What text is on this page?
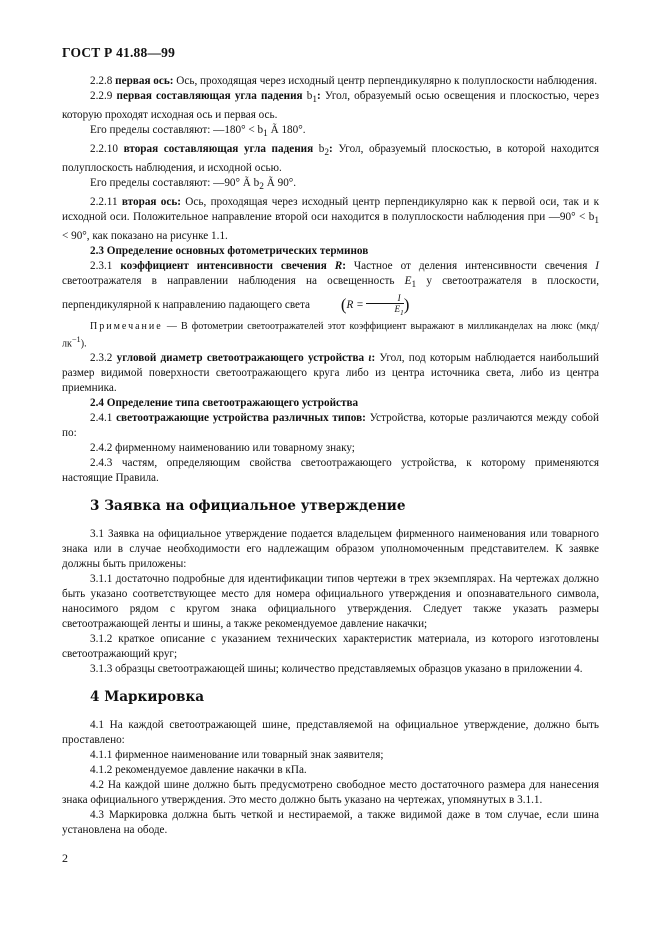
ГОСТ Р 41.88—99

2.2.8 первая ось: Ось, проходящая через исходный центр перпендикулярно к полуплоскости наблюдения.

2.2.9 первая составляющая угла падения $b_1$: Угол, образуемый осью освещения и плоскостью, через которую проходят исходная ось и первая ось.

Его пределы составляют: —180° < $b_1$ Ã 180°.

2.2.10 вторая составляющая угла падения $b_2$: Угол, образуемый плоскостью, в которой находится полуплоскость наблюдения, и исходной осью.

Его пределы составляют: —90° Ã $b_2$ Ã 90°.

2.2.11 вторая ось: Ось, проходящая через исходный центр перпендикулярно как к первой оси, так и к исходной оси. Положительное направление второй оси находится в полуплоскости наблюдения при —90° < $b_1 < 90^\circ$, как показано на рисунке 1.1.

2.3 Определение основных фотометрических терминов

2.3.1 коэффициент интенсивности свечения R: Частное от деления интенсивности свечения I светоотражателя в направлении наблюдения на освещенность $E_1$ у светоотражателя в плоскости, перпендикулярной к направлению падающего света ($R = \frac{I}{E_1}$ )

Примечание — В фотометрии светоотражателей этот коэффициент выражают в милликанделах на люкс $(мкд/лк^{-1})$.

2.3.2 угловой диаметр светоотражающего устройства ι: Угол, под которым наблюдается наибольший размер видимой поверхности светоотражающего круга либо из центра источника света, либо из центра приемника.

2.4 Определение типа светоотражающего устройства

2.4.1 светоотражающие устройства различных типов: Устройства, которые различаются между собой по:

2.4.2 фирменному наименованию или товарному знаку;

2.4.3 частям, определяющим свойства светоотражающего устройства, к которому применяются настоящие Правила.

3 Заявка на официальное утверждение

3.1 Заявка на официальное утверждение подается владельцем фирменного наименования или товарного знака или в случае необходимости его надлежащим образом уполномоченным представителем. К заявке должны быть приложены:

3.1.1 достаточно подробные для идентификации типов чертежи в трех экземплярах. На чертежах должно быть указано соответствующее место для номера официального утверждения и опознавательного символа, наносимого рядом с кругом знака официального утверждения. Следует также указать размеры светоотражающей ленты и шины, а также рекомендуемое давление накачки;

3.1.2 краткое описание с указанием технических характеристик материала, из которого изготовлены светоотражающий круг;

3.1.3 образцы светоотражающей шины; количество представляемых образцов указано в приложении 4.

4 Маркировка

4.1 На каждой светоотражающей шине, представляемой на официальное утверждение, должно быть проставлено:

4.1.1 фирменное наименование или товарный знак заявителя;

4.1.2 рекомендуемое давление накачки в кПа.

4.2 На каждой шине должно быть предусмотрено свободное место достаточного размера для нанесения знака официального утверждения. Это место должно быть указано на чертежах, упомянутых в 3.1.1.

4.3 Маркировка должна быть четкой и нестираемой, а также видимой даже в том случае, если шина установлена на ободе.

2
